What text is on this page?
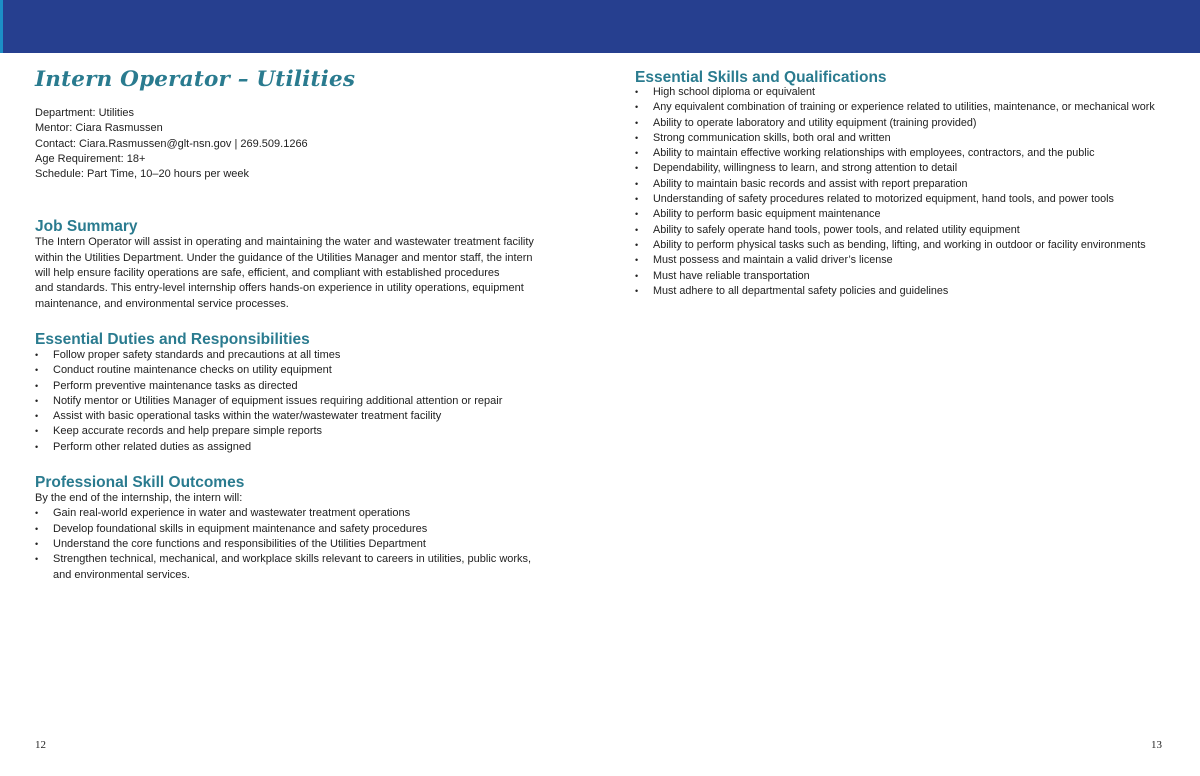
Intern Operator – Utilities
Department: Utilities
Mentor: Ciara Rasmussen
Contact: Ciara.Rasmussen@glt-nsn.gov | 269.509.1266
Age Requirement: 18+
Schedule: Part Time, 10–20 hours per week
Job Summary

The Intern Operator will assist in operating and maintaining the water and wastewater treatment facility
within the Utilities Department. Under the guidance of the Utilities Manager and mentor staff, the intern
will help ensure facility operations are safe, efficient, and compliant with established procedures
and standards. This entry-level internship offers hands-on experience in utility operations, equipment
maintenance, and environmental service processes.

Essential Duties and Responsibilities
• Follow proper safety standards and precautions at all times
• Conduct routine maintenance checks on utility equipment
• Perform preventive maintenance tasks as directed
• Notify mentor or Utilities Manager of equipment issues requiring additional attention or repair
• Assist with basic operational tasks within the water/wastewater treatment facility
• Keep accurate records and help prepare simple reports
• Perform other related duties as assigned
Professional Skill Outcomes

By the end of the internship, the intern will:

• Gain real-world experience in water and wastewater treatment operations
• Develop foundational skills in equipment maintenance and safety procedures
• Understand the core functions and responsibilities of the Utilities Department
• Strengthen technical, mechanical, and workplace skills relevant to careers in utilities, public works,
and environmental services.
Essential Skills and Qualifications
• High school diploma or equivalent
• Any equivalent combination of training or experience related to utilities, maintenance, or mechanical work
• Ability to operate laboratory and utility equipment (training provided)
• Strong communication skills, both oral and written
• Ability to maintain effective working relationships with employees, contractors, and the public
• Dependability, willingness to learn, and strong attention to detail
• Ability to maintain basic records and assist with report preparation
• Understanding of safety procedures related to motorized equipment, hand tools, and power tools
• Ability to perform basic equipment maintenance
• Ability to safely operate hand tools, power tools, and related utility equipment
• Ability to perform physical tasks such as bending, lifting, and working in outdoor or facility environments
• Must possess and maintain a valid driver’s license
• Must have reliable transportation
• Must adhere to all departmental safety policies and guidelines
12	13
